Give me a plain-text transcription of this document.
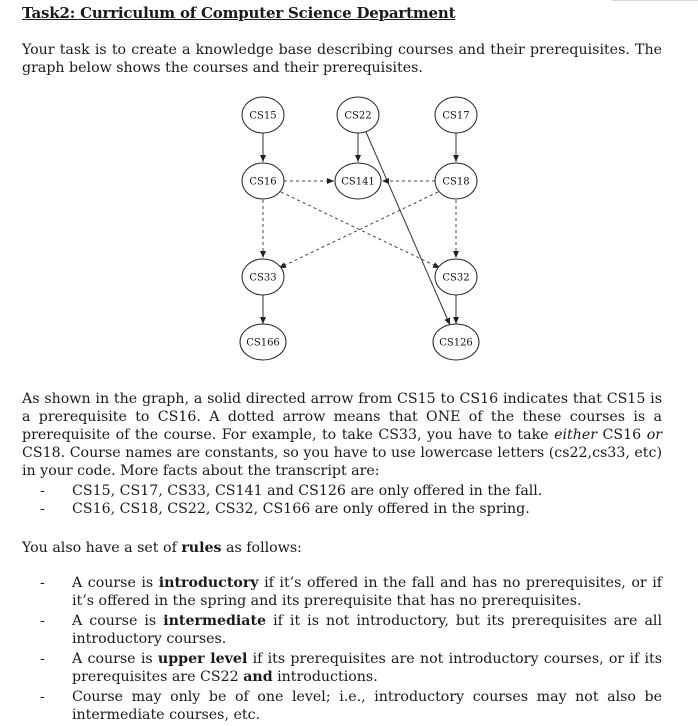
Task2: Curriculum of Computer Science Department
Your task is to create a knowledge base describing courses and their prerequisites. The graph below shows the courses and their prerequisites.
CS15	CS22	CS17
CS16	CS141	CS18
CS33	CS32
CS166	CS126
As shown in the graph, a solid directed arrow from CS15 to CS16 indicates that CS15 is a prerequisite to CS16. A dotted arrow means that ONE of the these courses is a prerequisite of the course. For example, to take CS33, you have to take either CS16 or CS18. Course names are constants, so you have to use lowercase letters (cs22,cs33, etc) in your code. More facts about the transcript are:
- CS15, CS17, CS33, CS141 and CS126 are only offered in the fall.
- CS16, CS18, CS22, CS32, CS166 are only offered in the spring.
You also have a set of rules as follows:
- A course is introductory if it’s offered in the fall and has no prerequisites, or if it’s offered in the spring and its prerequisite that has no prerequisites.
- A course is intermediate if it is not introductory, but its prerequisites are all introductory courses.
- A course is upper level if its prerequisites are not introductory courses, or if its prerequisites are CS22 and introductions.
- Course may only be of one level; i.e., introductory courses may not also be intermediate courses, etc.
